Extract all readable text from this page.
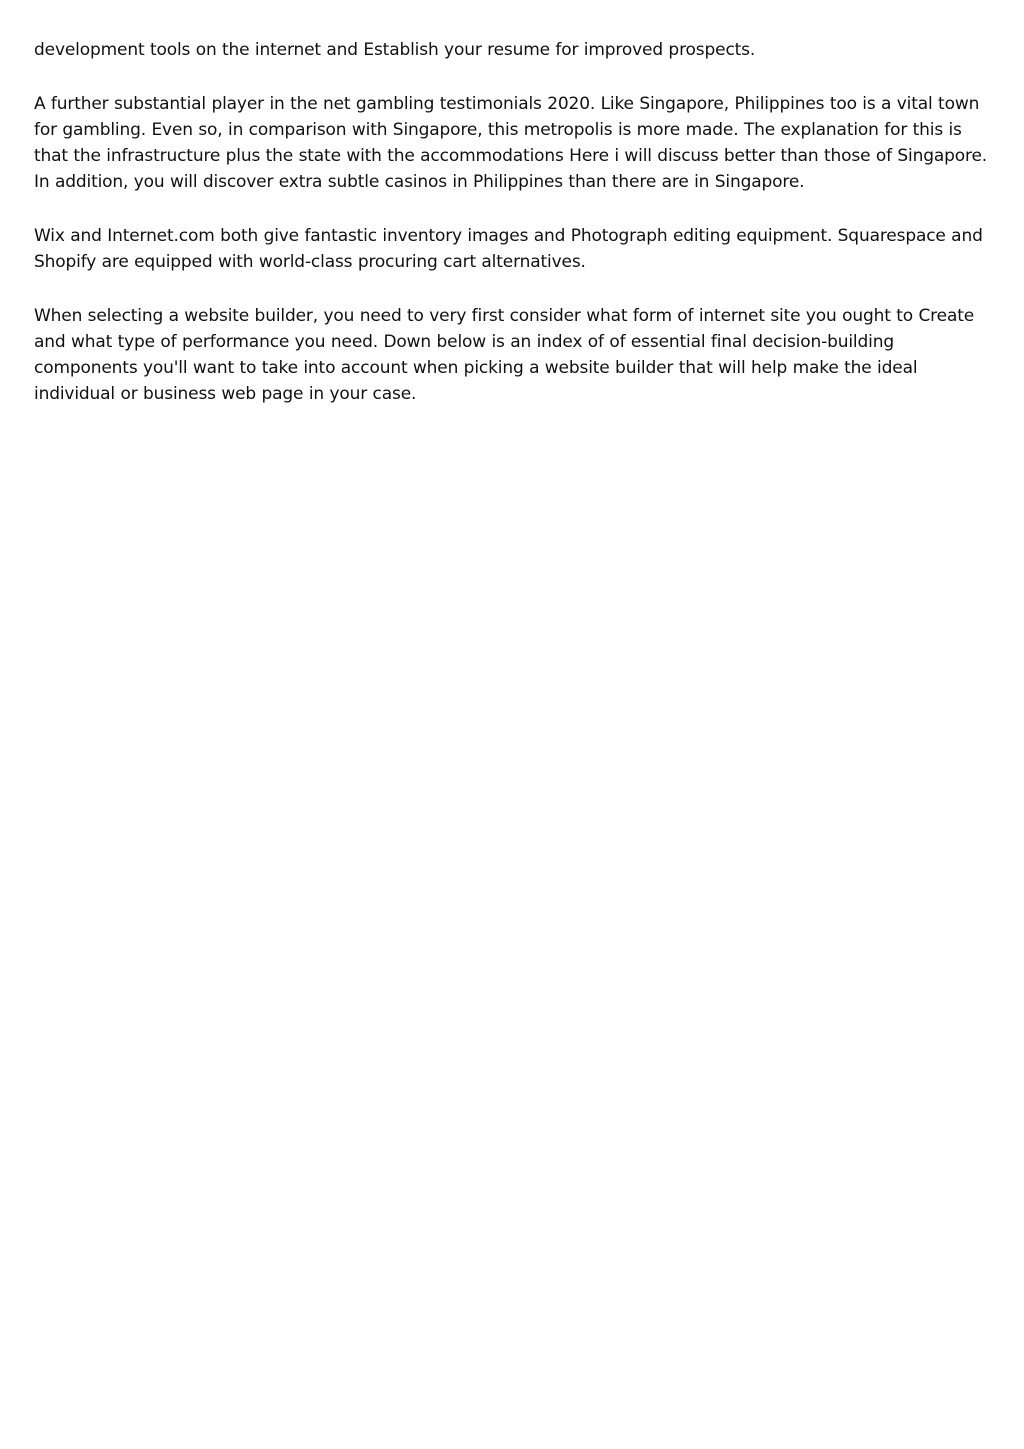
development tools on the internet and Establish your resume for improved prospects.

A further substantial player in the net gambling testimonials 2020. Like Singapore, Philippines too is a vital town for gambling. Even so, in comparison with Singapore, this metropolis is more made. The explanation for this is that the infrastructure plus the state with the accommodations Here i will discuss better than those of Singapore. In addition, you will discover extra subtle casinos in Philippines than there are in Singapore.

Wix and Internet.com both give fantastic inventory images and Photograph editing equipment. Squarespace and Shopify are equipped with world-class procuring cart alternatives.

When selecting a website builder, you need to very first consider what form of internet site you ought to Create and what type of performance you need. Down below is an index of of essential final decision-building components you'll want to take into account when picking a website builder that will help make the ideal individual or business web page in your case.
